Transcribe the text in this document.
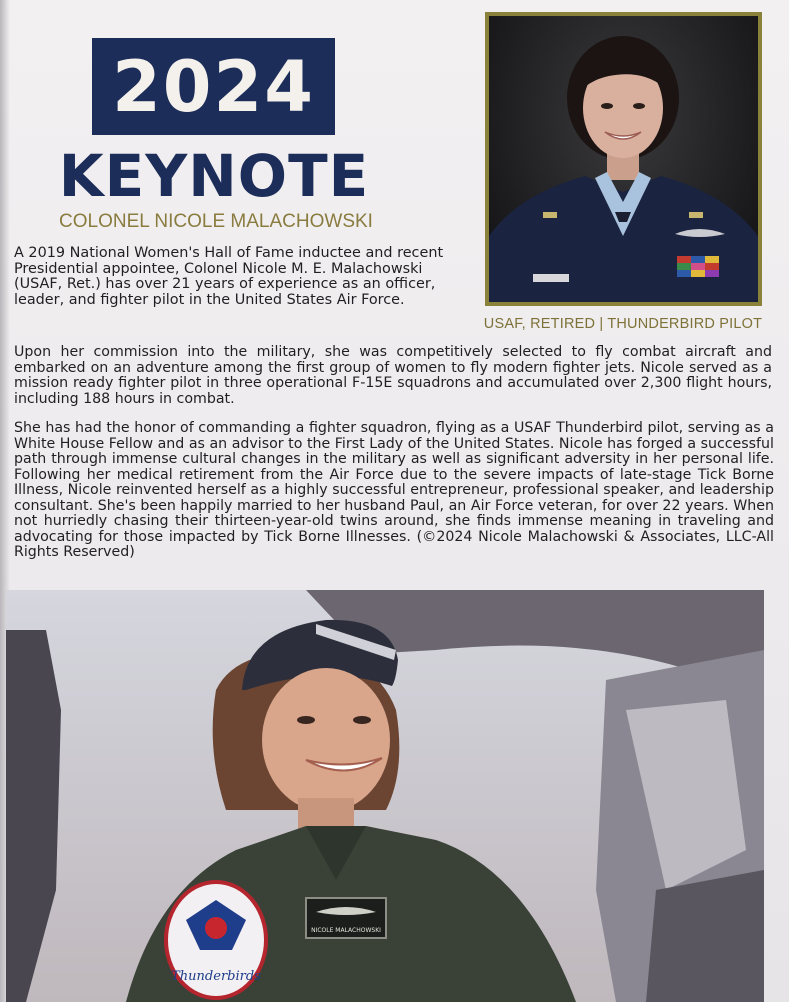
2024
KEYNOTE
COLONEL NICOLE MALACHOWSKI
USAF, RETIRED | THUNDERBIRD PILOT

A 2019 National Women's Hall of Fame inductee and recent Presidential appointee, Colonel Nicole M. E. Malachowski (USAF, Ret.) has over 21 years of experience as an officer, leader, and fighter pilot in the United States Air Force.

Upon her commission into the military, she was competitively selected to fly combat aircraft and embarked on an adventure among the first group of women to fly modern fighter jets. Nicole served as a mission ready fighter pilot in three operational F-15E squadrons and accumulated over 2,300 flight hours, including 188 hours in combat.

She has had the honor of commanding a fighter squadron, flying as a USAF Thunderbird pilot, serving as a White House Fellow and as an advisor to the First Lady of the United States. Nicole has forged a successful path through immense cultural changes in the military as well as significant adversity in her personal life. Following her medical retirement from the Air Force due to the severe impacts of late-stage Tick Borne Illness, Nicole reinvented herself as a highly successful entrepreneur, professional speaker, and leadership consultant. She's been happily married to her husband Paul, an Air Force veteran, for over 22 years. When not hurriedly chasing their thirteen-year-old twins around, she finds immense meaning in traveling and advocating for those impacted by Tick Borne Illnesses. (©2024 Nicole Malachowski & Associates, LLC-All Rights Reserved)

Thunderbirds
NICOLE MALACHOWSKI
